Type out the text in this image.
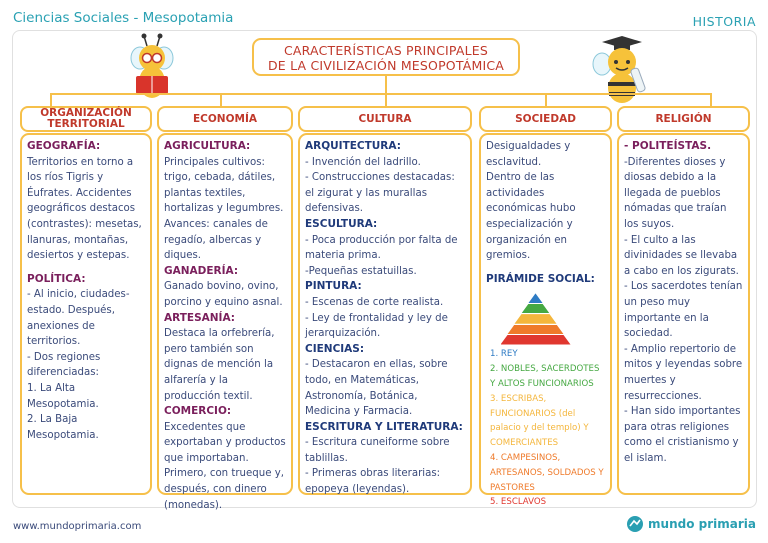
Ciencias Sociales - Mesopotamia	HISTORIA
CARACTERÍSTICAS PRINCIPALES
DE LA CIVILIZACIÓN MESOPOTÁMICA
ORGANIZACIÓN TERRITORIAL	ECONOMÍA	CULTURA	SOCIEDAD	RELIGIÓN
GEOGRAFÍA:
Territorios en torno a los ríos Tigris y Éufrates. Accidentes geográficos destacos (contrastes): mesetas, llanuras, montañas, desiertos y estepas.
POLÍTICA:
- Al inicio, ciudades-estado. Después, anexiones de territorios.
- Dos regiones diferenciadas:
1. La Alta Mesopotamia.
2. La Baja Mesopotamia.
AGRICULTURA:
Principales cultivos: trigo, cebada, dátiles, plantas textiles, hortalizas y legumbres.
Avances: canales de regadío, albercas y diques.
GANADERÍA:
Ganado bovino, ovino, porcino y equino asnal.
ARTESANÍA:
Destaca la orfebrería, pero también son dignas de mención la alfarería y la producción textil.
COMERCIO:
Excedentes que exportaban y productos que importaban. Primero, con trueque y, después, con dinero (monedas).
ARQUITECTURA:
- Invención del ladrillo.
- Construcciones destacadas: el zigurat y las murallas defensivas.
ESCULTURA:
- Poca producción por falta de materia prima.
-Pequeñas estatuillas.
PINTURA:
- Escenas de corte realista.
- Ley de frontalidad y ley de jerarquización.
CIENCIAS:
- Destacaron en ellas, sobre todo, en Matemáticas, Astronomía, Botánica, Medicina y Farmacia.
ESCRITURA Y LITERATURA:
- Escritura cuneiforme sobre tablillas.
- Primeras obras literarias: epopeya (leyendas).
Desigualdades y esclavitud.
Dentro de las actividades económicas hubo especialización y organización en gremios.
PIRÁMIDE SOCIAL:
1. REY
2. NOBLES, SACERDOTES Y ALTOS FUNCIONARIOS
3. ESCRIBAS, FUNCIONARIOS (del palacio y del templo) Y COMERCIANTES
4. CAMPESINOS, ARTESANOS, SOLDADOS Y PASTORES
5. ESCLAVOS
- POLITEÍSTAS.
-Diferentes dioses y diosas debido a la llegada de pueblos nómadas que traían los suyos.
- El culto a las divinidades se llevaba a cabo en los zigurats.
- Los sacerdotes tenían un peso muy importante en la sociedad.
- Amplio repertorio de mitos y leyendas sobre muertes y resurrecciones.
- Han sido importantes para otras religiones como el cristianismo y el islam.
www.mundoprimaria.com	mundo primaria
